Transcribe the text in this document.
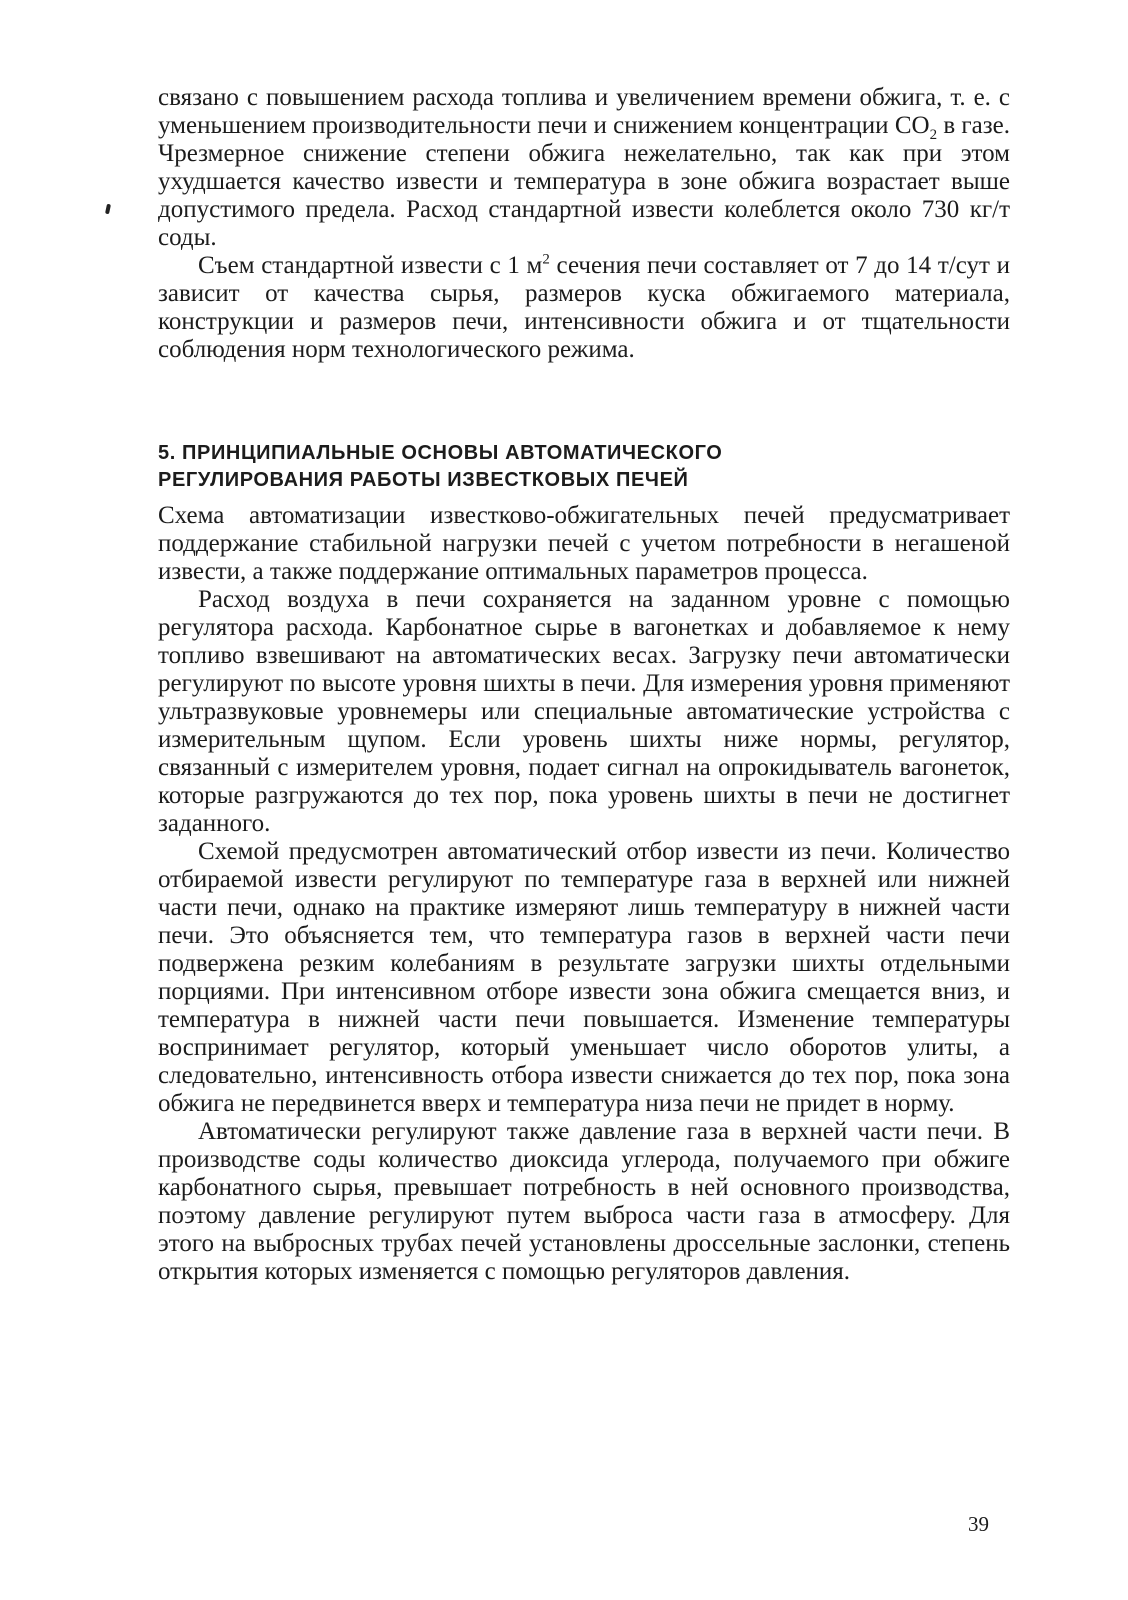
связано с повышением расхода топлива и увеличением времени обжига, т. е. с уменьшением производительности печи и снижением концентрации $CO_2$ в газе. Чрезмерное снижение степени обжига нежелательно, так как при этом ухудшается качество извести и температура в зоне обжига возрастает выше допустимого предела. Расход стандартной извести колеблется около 730 кг/т соды.

Съем стандартной извести с 1 $м^2$ сечения печи составляет от 7 до 14 т/сут и зависит от качества сырья, размеров куска обжигаемого материала, конструкции и размеров печи, интенсивности обжига и от тщательности соблюдения норм технологического режима.

5. ПРИНЦИПИАЛЬНЫЕ ОСНОВЫ АВТОМАТИЧЕСКОГО

РЕГУЛИРОВАНИЯ РАБОТЫ ИЗВЕСТКОВЫХ ПЕЧЕЙ

Схема автоматизации известково-обжигательных печей предусматривает поддержание стабильной нагрузки печей с учетом потребности в негашеной извести, а также поддержание оптимальных параметров процесса.

Расход воздуха в печи сохраняется на заданном уровне с помощью регулятора расхода. Карбонатное сырье в вагонетках и добавляемое к нему топливо взвешивают на автоматических весах. Загрузку печи автоматически регулируют по высоте уровня шихты в печи. Для измерения уровня применяют ультразвуковые уровнемеры или специальные автоматические устройства с измерительным щупом. Если уровень шихты ниже нормы, регулятор, связанный с измерителем уровня, подает сигнал на опрокидыватель вагонеток, которые разгружаются до тех пор, пока уровень шихты в печи не достигнет заданного.

Схемой предусмотрен автоматический отбор извести из печи. Количество отбираемой извести регулируют по температуре газа в верхней или нижней части печи, однако на практике измеряют лишь температуру в нижней части печи. Это объясняется тем, что температура газов в верхней части печи подвержена резким колебаниям в результате загрузки шихты отдельными порциями. При интенсивном отборе извести зона обжига смещается вниз, и температура в нижней части печи повышается. Изменение температуры воспринимает регулятор, который уменьшает число оборотов улиты, а следовательно, интенсивность отбора извести снижается до тех пор, пока зона обжига не передвинется вверх и температура низа печи не придет в норму.

Автоматически регулируют также давление газа в верхней части печи. В производстве соды количество диоксида углерода, получаемого при обжиге карбонатного сырья, превышает потребность в ней основного производства, поэтому давление регулируют путем выброса части газа в атмосферу. Для этого на выбросных трубах печей установлены дроссельные заслонки, степень открытия которых изменяется с помощью регуляторов давления.

39
